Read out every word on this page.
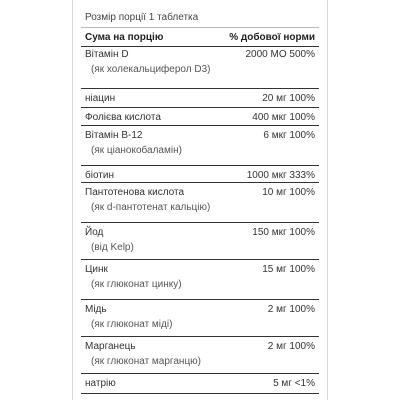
Розмір порції 1 таблетка
Сума на порцію	% добової норми
Вітамін D	2000 МО 500%
(як холекальциферол D3)
ніацин	20 мг 100%
Фолієва кислота	400 мкг 100%
Вітамін B-12	6 мкг 100%
(як ціанокобаламін)
біотин	1000 мкг 333%
Пантотенова кислота	10 мг 100%
(як d-пантотенат кальцію)
Йод	150 мкг 100%
(від Kelp)
Цинк	15 мг 100%
(як глюконат цинку)
Мідь	2 мг 100%
(як глюконат міді)
Марганець	2 мг 100%
(як глюконат марганцю)
натрію	5 мг <1%
